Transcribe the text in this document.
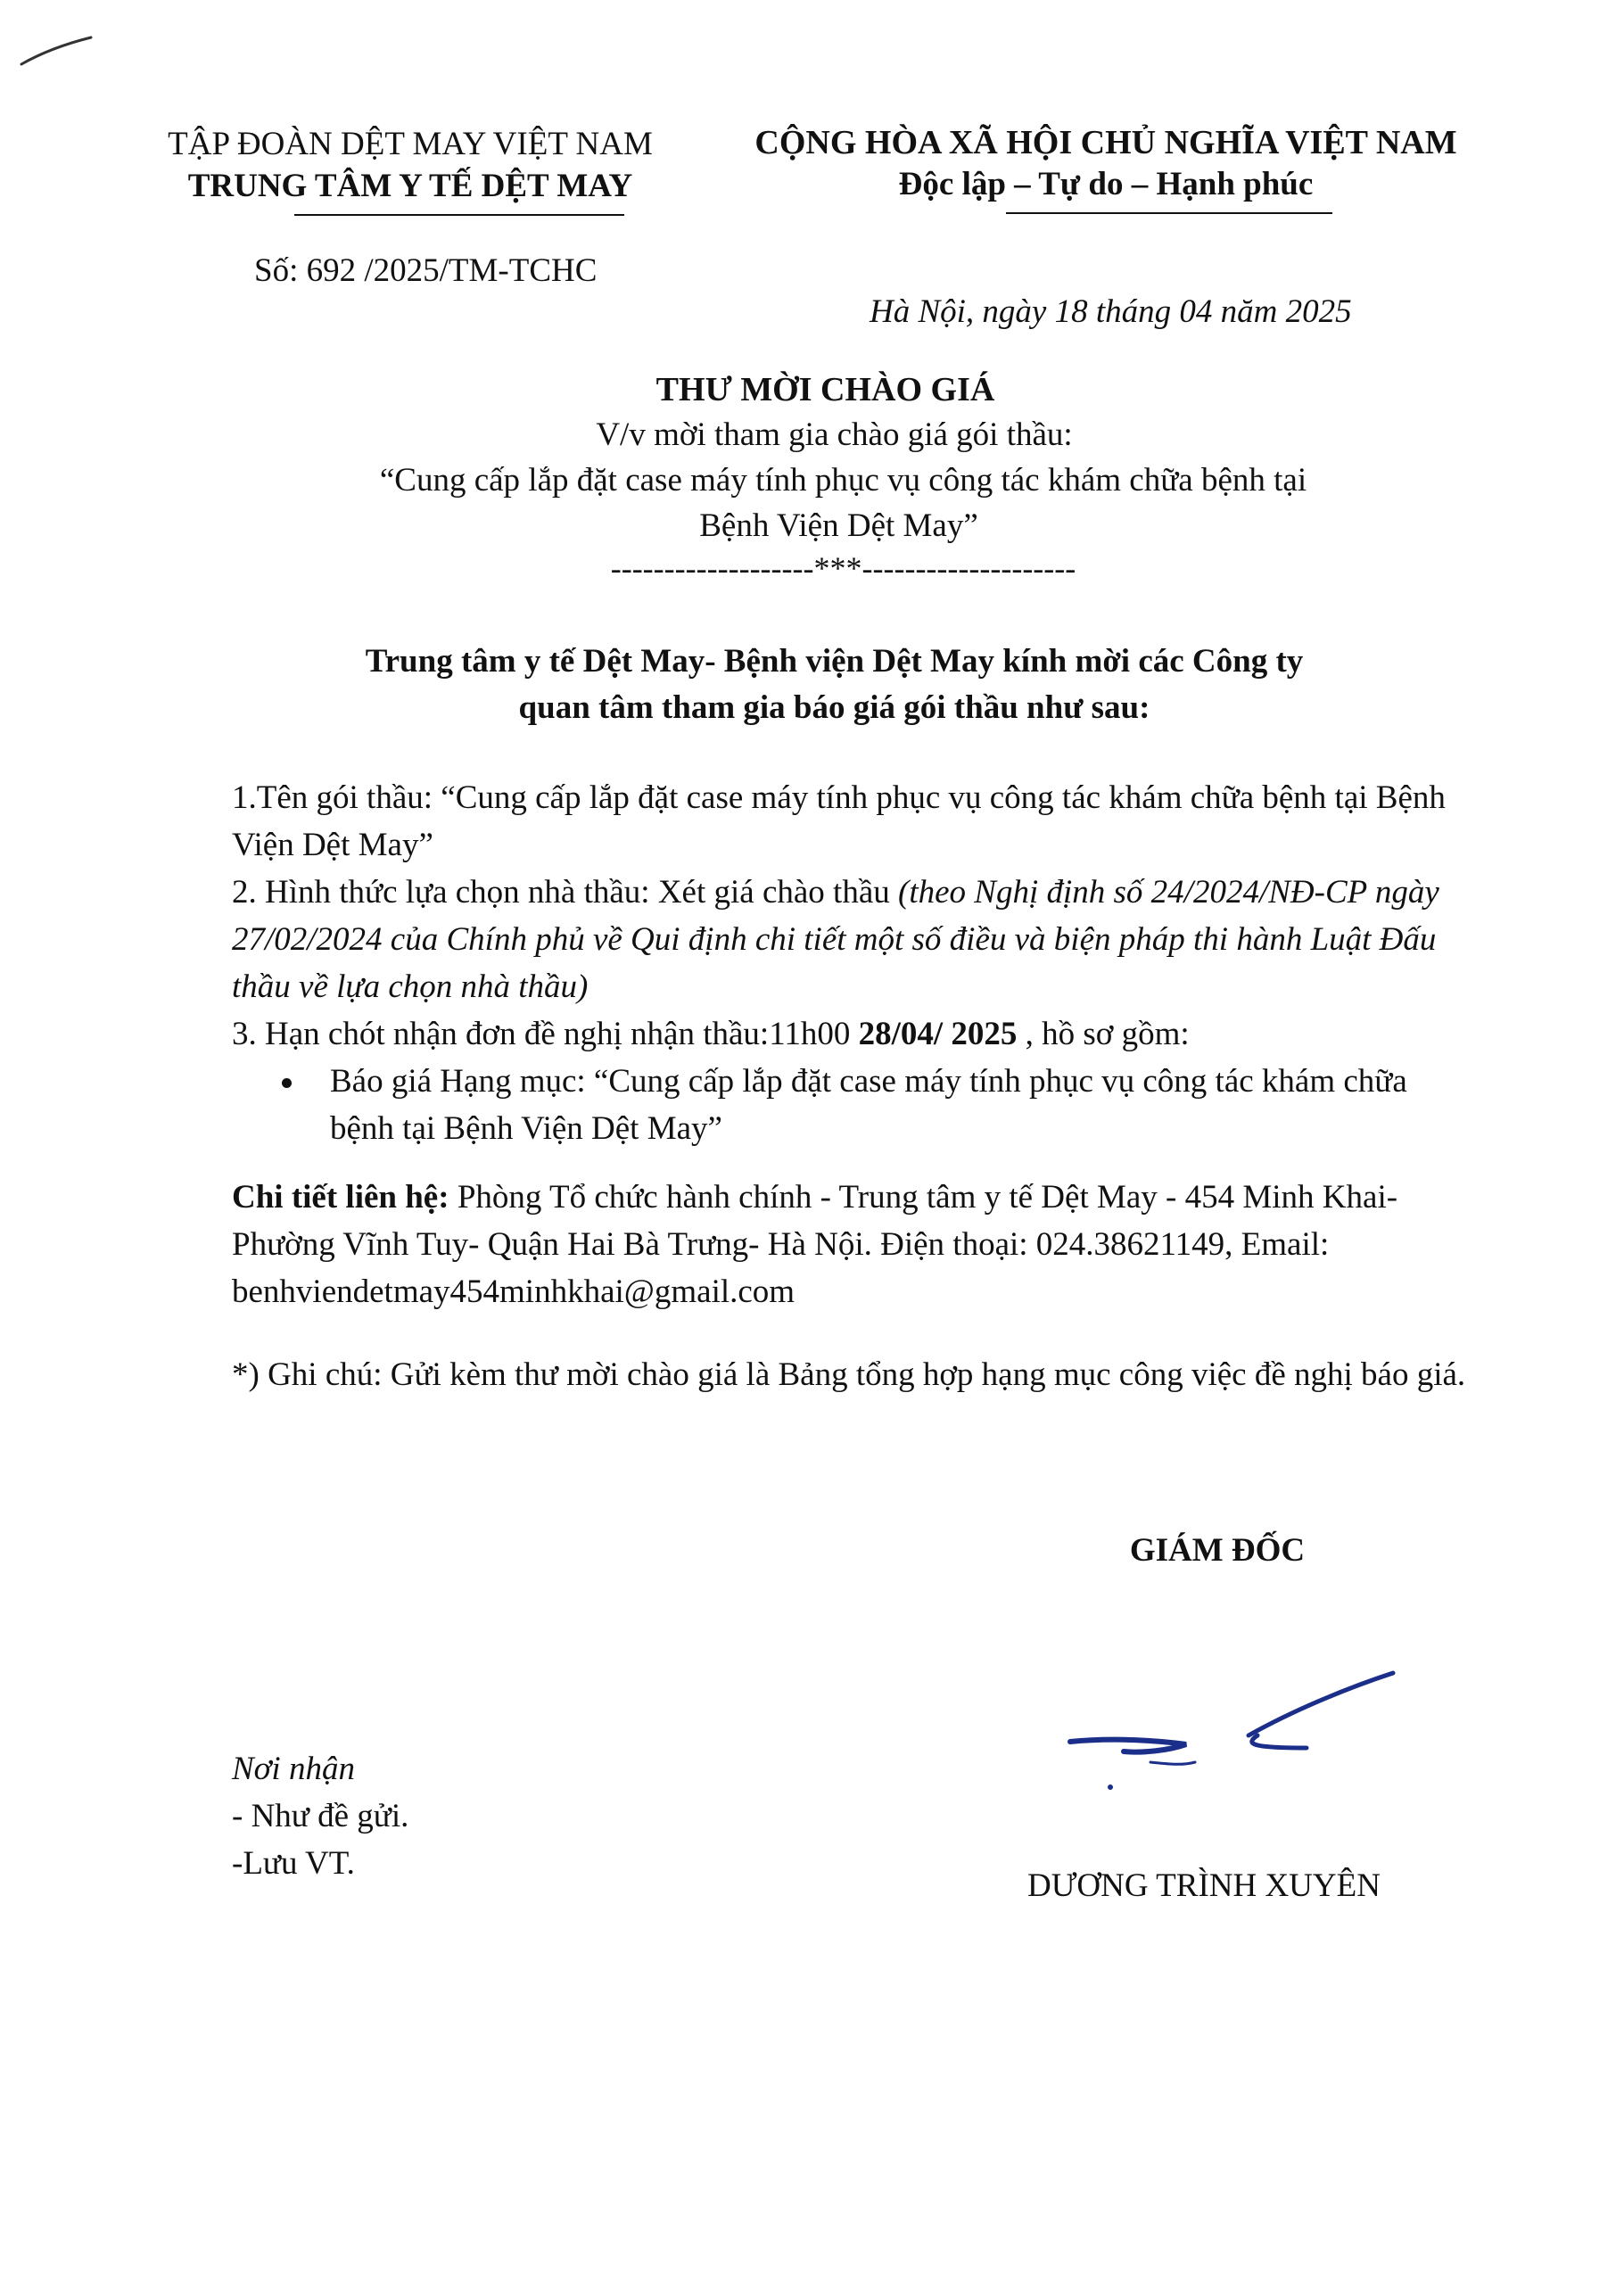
TẬP ĐOÀN DỆT MAY VIỆT NAM
TRUNG TÂM Y TẾ DỆT MAY
Số: 692 /2025/TM-TCHC
CỘNG HÒA XÃ HỘI CHỦ NGHĨA VIỆT NAM
Độc lập – Tự do – Hạnh phúc
Hà Nội, ngày 18 tháng 04 năm 2025
THƯ MỜI CHÀO GIÁ
V/v mời tham gia chào giá gói thầu:
“Cung cấp lắp đặt case máy tính phục vụ công tác khám chữa bệnh tại
Bệnh Viện Dệt May”
-------------------***--------------------
Trung tâm y tế Dệt May- Bệnh viện Dệt May kính mời các Công ty
quan tâm tham gia báo giá gói thầu như sau:

1.Tên gói thầu: “Cung cấp lắp đặt case máy tính phục vụ công tác khám chữa bệnh tại Bệnh Viện Dệt May”

2. Hình thức lựa chọn nhà thầu: Xét giá chào thầu (theo Nghị định số 24/2024/NĐ-CP ngày 27/02/2024 của Chính phủ về Qui định chi tiết một số điều và biện pháp thi hành Luật Đấu thầu về lựa chọn nhà thầu)

3. Hạn chót nhận đơn đề nghị nhận thầu:11h00 28/04/ 2025 , hồ sơ gồm:

Báo giá Hạng mục: “Cung cấp lắp đặt case máy tính phục vụ công tác khám chữa bệnh tại Bệnh Viện Dệt May”
Chi tiết liên hệ: Phòng Tổ chức hành chính - Trung tâm y tế Dệt May - 454 Minh Khai- Phường Vĩnh Tuy- Quận Hai Bà Trưng- Hà Nội. Điện thoại: 024.38621149, Email: benhviendetmay454minhkhai@gmail.com
*) Ghi chú: Gửi kèm thư mời chào giá là Bảng tổng hợp hạng mục công việc đề nghị báo giá.
GIÁM ĐỐC
DƯƠNG TRÌNH XUYÊN
Nơi nhận
- Như đề gửi.
-Lưu VT.
